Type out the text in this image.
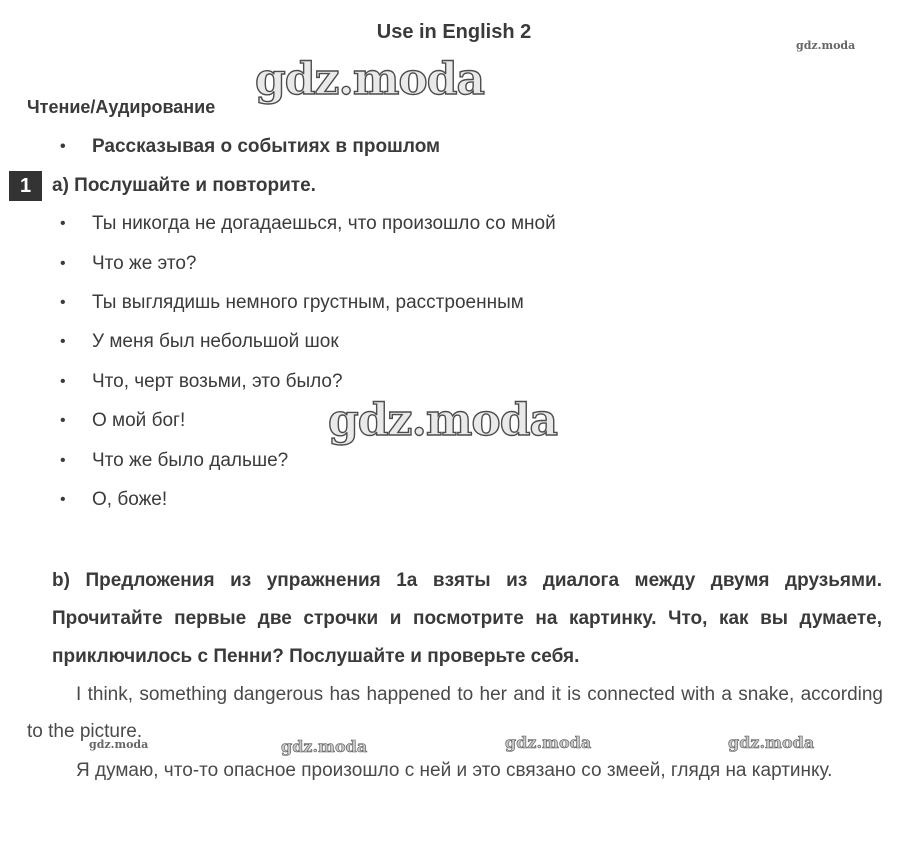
Use in English 2
gdz.moda
gdz.moda
Чтение/Аудирование
• Рассказывая о событиях в прошлом
1	a) Послушайте и повторите.
• Ты никогда не догадаешься, что произошло со мной
• Что же это?
• Ты выглядишь немного грустным, расстроенным
• У меня был небольшой шок
• Что, черт возьми, это было?
• О мой бог!
• Что же было дальше?
• О, боже!
gdz.moda
b) Предложения из упражнения 1a взяты из диалога между двумя друзьями. Прочитайте первые две строчки и посмотрите на картинку. Что, как вы думаете, приключилось с Пенни? Послушайте и проверьте себя.
I think, something dangerous has happened to her and it is connected with a snake, according to the picture.
gdz.moda	gdz.moda	gdz.moda	gdz.moda
Я думаю, что-то опасное произошло с ней и это связано со змеей, глядя на картинку.
